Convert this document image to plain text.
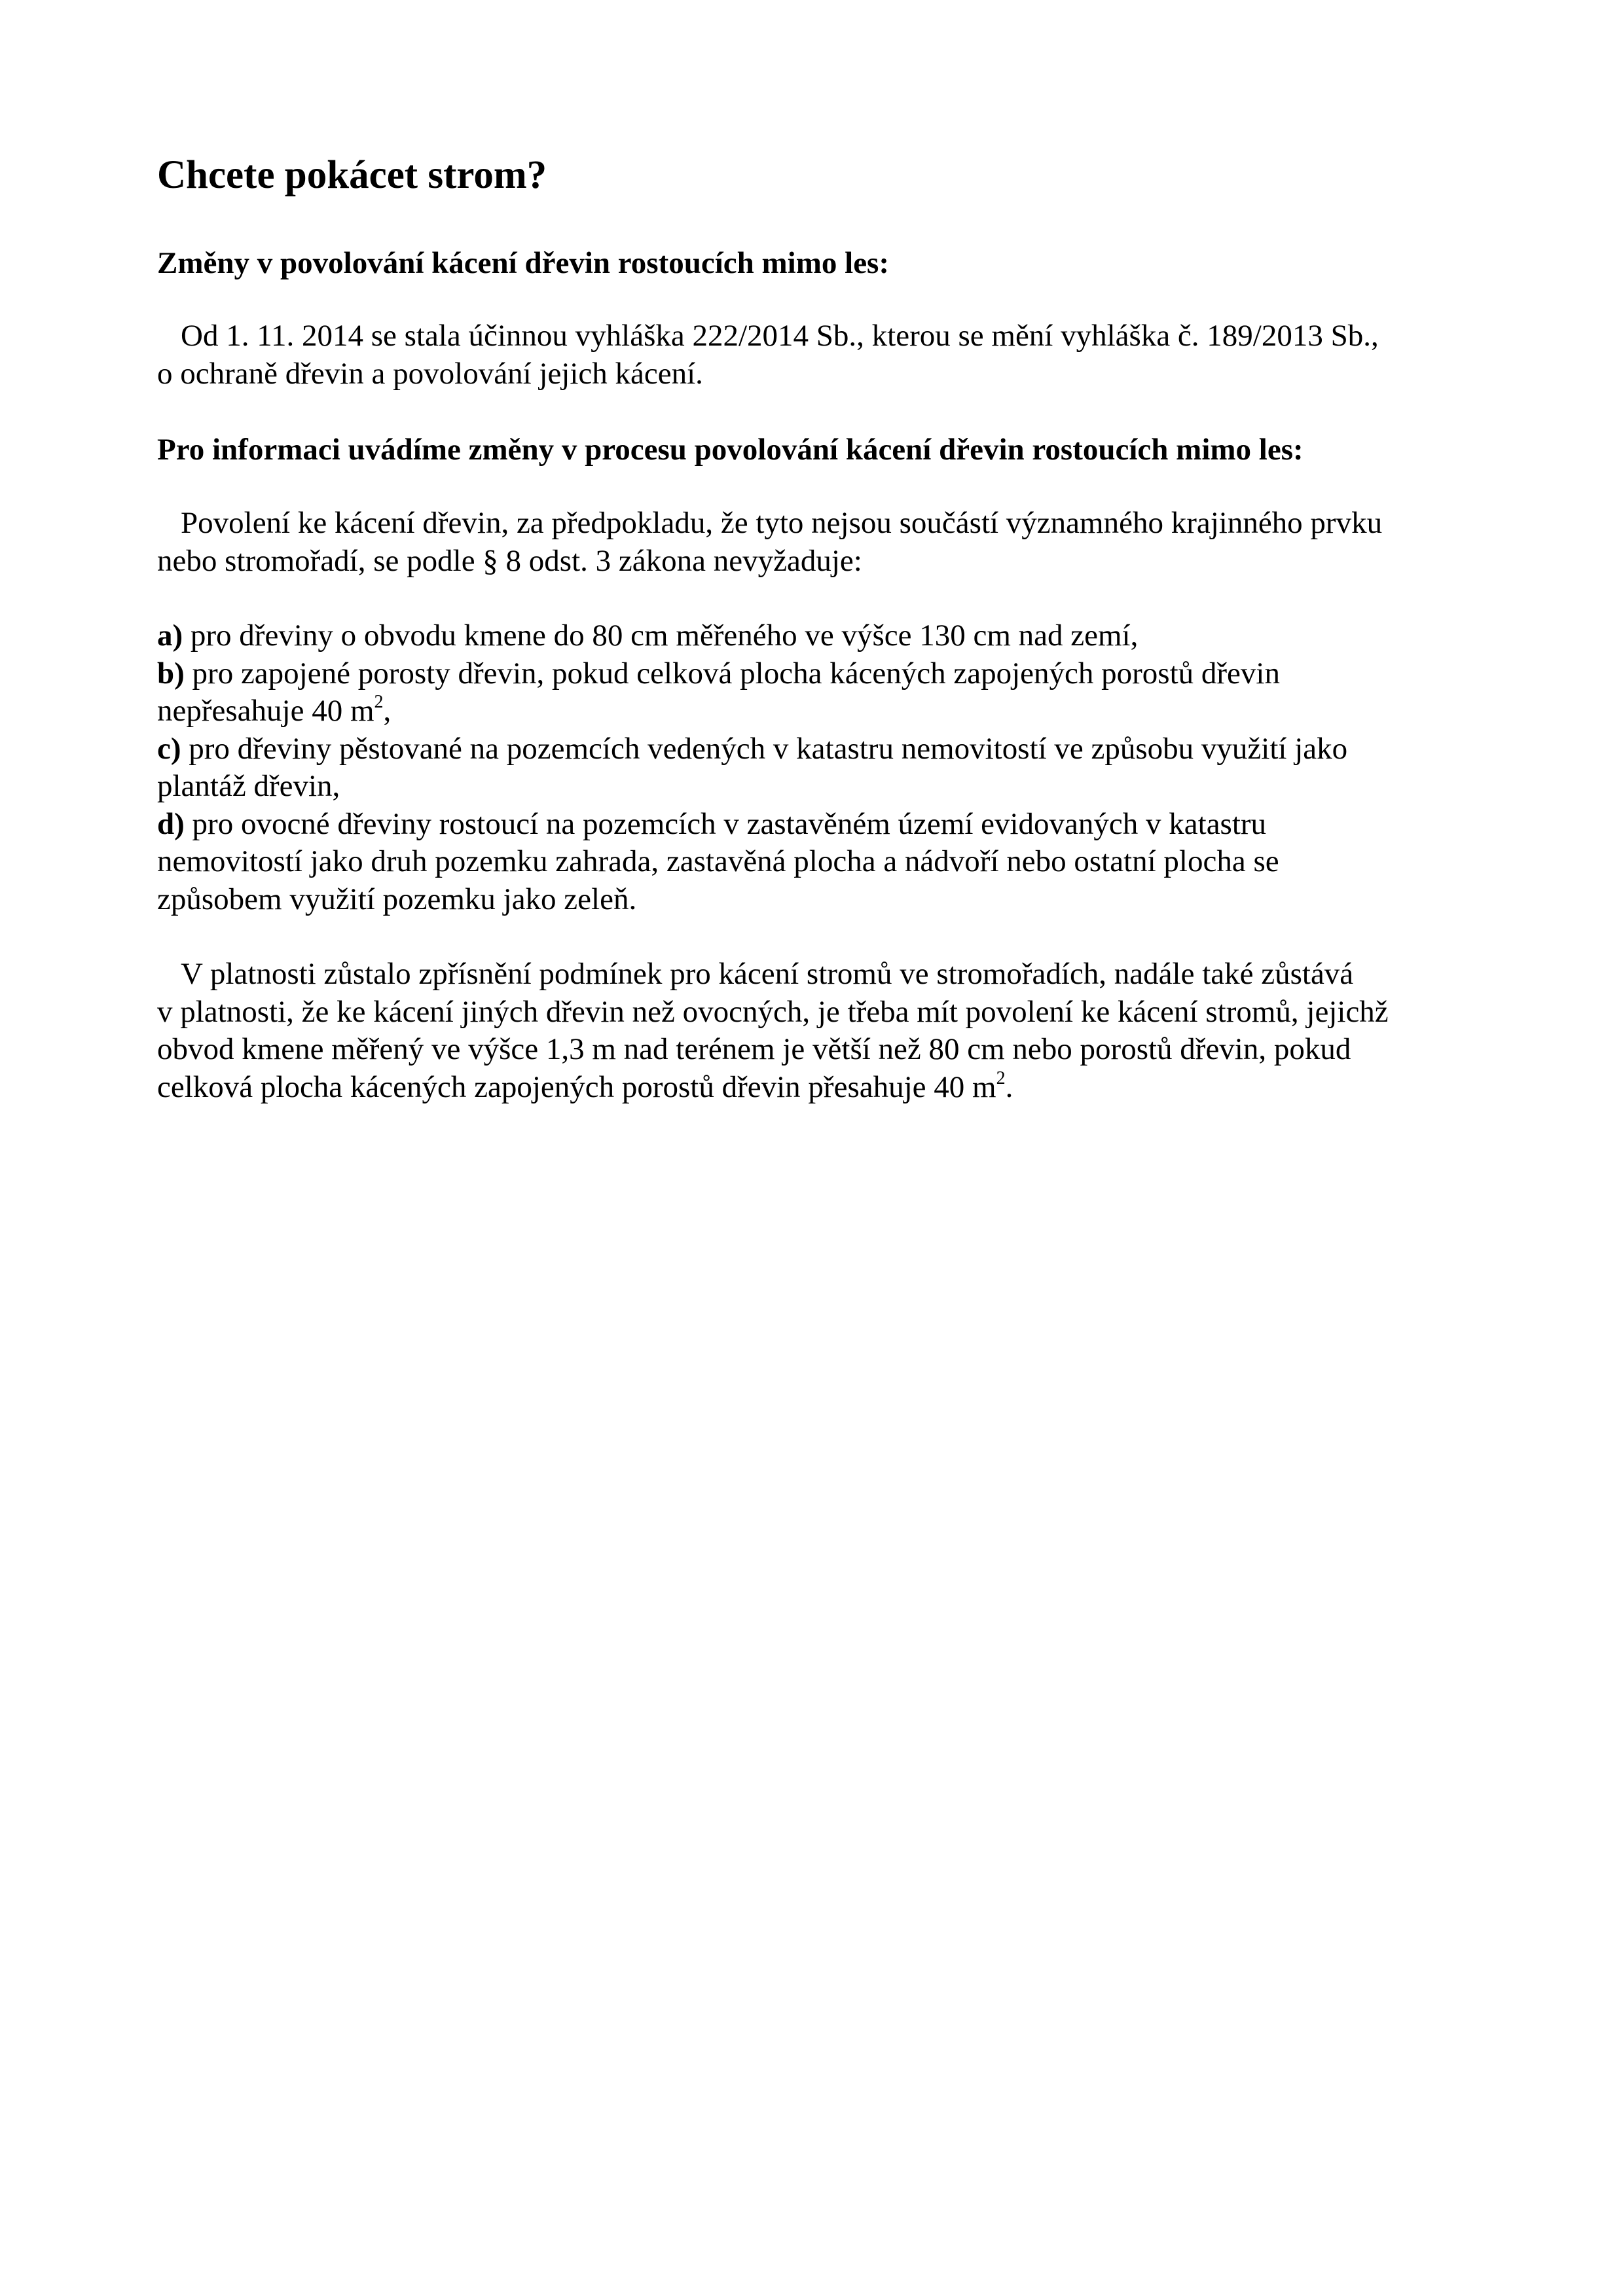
Chcete pokácet strom?
Změny v povolování kácení dřevin rostoucích mimo les:

Od 1. 11. 2014 se stala účinnou vyhláška 222/2014 Sb., kterou se mění vyhláška č. 189/2013 Sb.,
o ochraně dřevin a povolování jejich kácení.

Pro informaci uvádíme změny v procesu povolování kácení dřevin rostoucích mimo les:

Povolení ke kácení dřevin, za předpokladu, že tyto nejsou součástí významného krajinného prvku
nebo stromořadí, se podle § 8 odst. 3 zákona nevyžaduje:

a) pro dřeviny o obvodu kmene do 80 cm měřeného ve výšce 130 cm nad zemí,
b) pro zapojené porosty dřevin, pokud celková plocha kácených zapojených porostů dřevin
nepřesahuje 40 $m^2$,
c) pro dřeviny pěstované na pozemcích vedených v katastru nemovitostí ve způsobu využití jako
plantáž dřevin,
d) pro ovocné dřeviny rostoucí na pozemcích v zastavěném území evidovaných v katastru
nemovitostí jako druh pozemku zahrada, zastavěná plocha a nádvoří nebo ostatní plocha se
způsobem využití pozemku jako zeleň.

V platnosti zůstalo zpřísnění podmínek pro kácení stromů ve stromořadích, nadále také zůstává
v platnosti, že ke kácení jiných dřevin než ovocných, je třeba mít povolení ke kácení stromů, jejichž
obvod kmene měřený ve výšce 1,3 m nad terénem je větší než 80 cm nebo porostů dřevin, pokud
celková plocha kácených zapojených porostů dřevin přesahuje 40 $m^2$.
